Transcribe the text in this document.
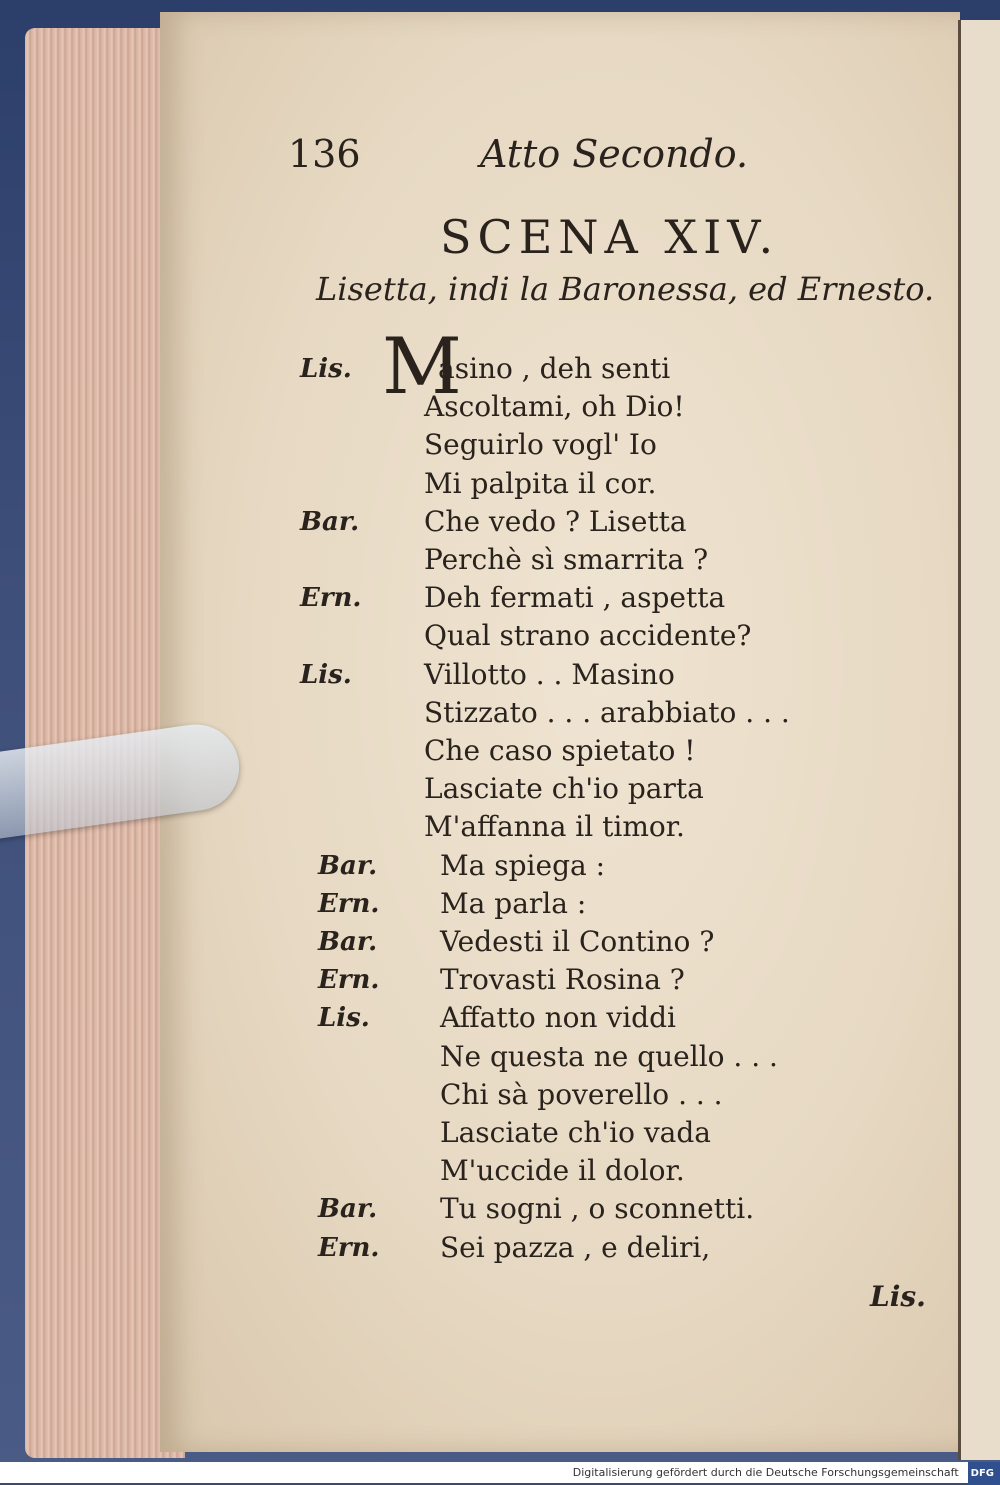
136	Atto Secondo.
SCENA XIV.
Lisetta, indi la Baronessa, ed Ernesto.
M
Lis.	asino , deh senti
Ascoltami, oh Dio!
Seguirlo vogl' Io
Mi palpita il cor.
Bar. Che vedo ? Lisetta
Perchè sì smarrita ?
Ern. Deh fermati , aspetta
Qual strano accidente?
Lis.	Villotto . . Masino
Stizzato . . . arabbiato . . .
Che caso spietato !
Lasciate ch'io parta
M'affanna il timor.
Bar. Ma spiega :
Ern. Ma parla :
Bar. Vedesti il Contino ?
Ern. Trovasti Rosina ?
Lis.	Affatto non viddi
Ne questa ne quello . . .
Chi sà poverello . . .
Lasciate ch'io vada
M'uccide il dolor.
Bar. Tu sogni , o sconnetti.
Ern. Sei pazza , e deliri,
Lis.
Digitalisierung gefördert durch die Deutsche Forschungsgemeinschaft DFG
